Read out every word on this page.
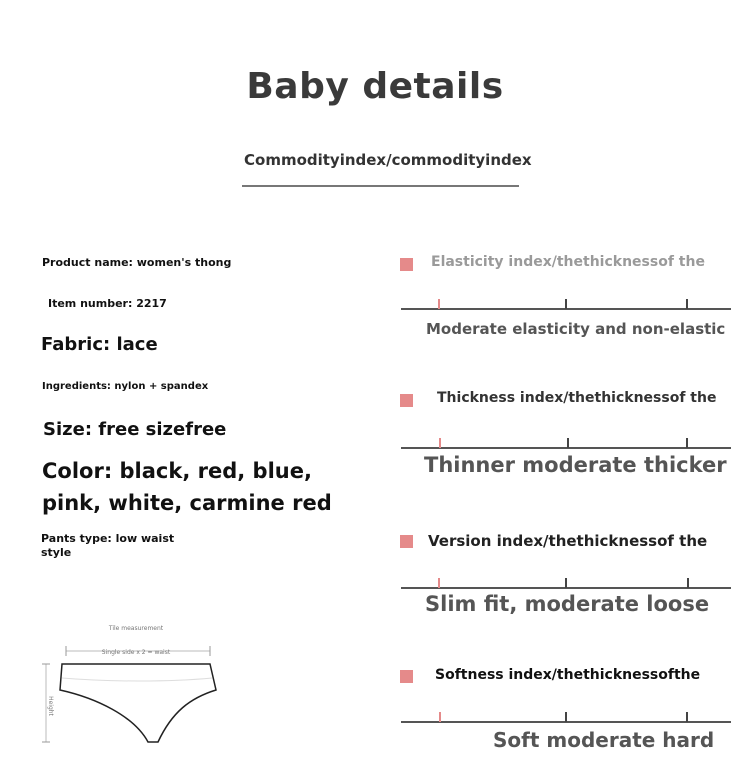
Baby details
Commodityindex/commodityindex
Product name: women's thong
Item number: 2217
Fabric: lace
Ingredients: nylon + spandex
Size: free sizefree
Color: black, red, blue, pink, white, carmine red
Pants type: low waist style
Tile measurement
Single side x 2 = waist
Height
Elasticity index/thethicknessof the
Moderate elasticity and non-elastic
Thickness index/thethicknessof the
Thinner moderate thicker
Version index/thethicknessof the
Slim fit, moderate loose
Softness index/thethicknessofthe
Soft moderate hard
